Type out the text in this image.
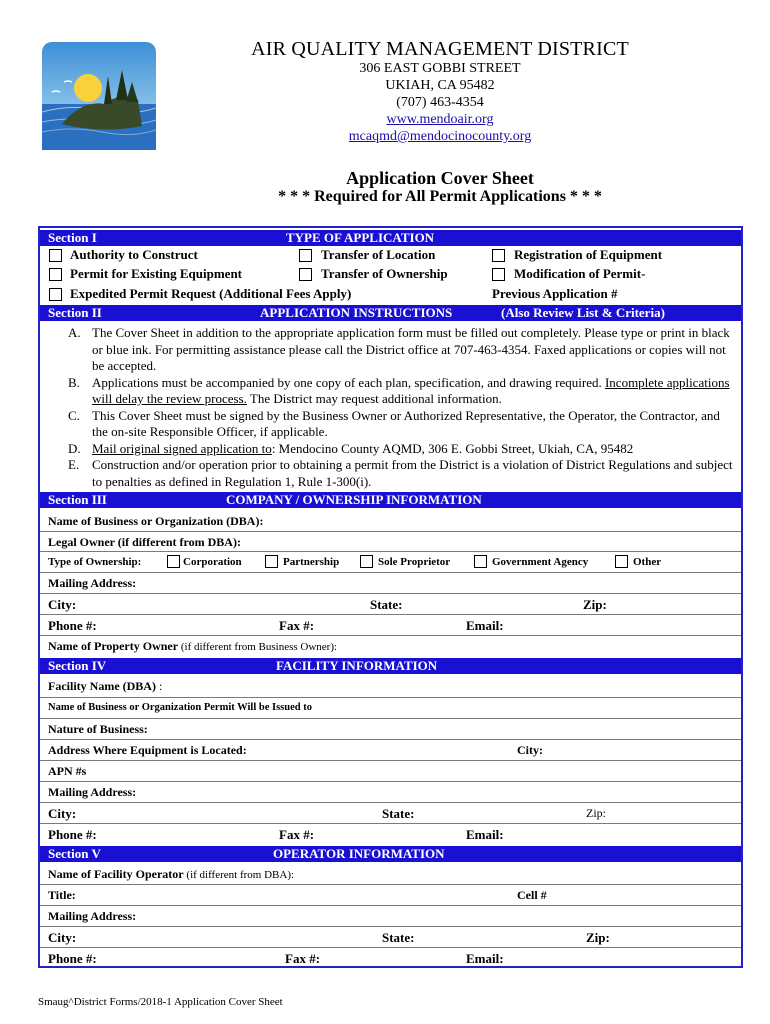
AIR QUALITY MANAGEMENT DISTRICT
306 EAST GOBBI STREET
UKIAH, CA 95482
(707) 463-4354
www.mendoair.org
mcaqmd@mendocinocounty.org
Application Cover Sheet
* * * Required for All Permit Applications * * *
Section I	TYPE OF APPLICATION
Authority to Construct	Transfer of Location	Registration of Equipment
Permit for Existing Equipment	Transfer of Ownership	Modification of Permit-
Expedited Permit Request (Additional Fees Apply)	Previous Application #
Section II	APPLICATION INSTRUCTIONS	(Also Review List & Criteria)
A. The Cover Sheet in addition to the appropriate application form must be filled out completely. Please type or print in black or blue ink. For permitting assistance please call the District office at 707-463-4354. Faxed applications or copies will not be accepted.
B. Applications must be accompanied by one copy of each plan, specification, and drawing required. Incomplete applications will delay the review process. The District may request additional information.
C. This Cover Sheet must be signed by the Business Owner or Authorized Representative, the Operator, the Contractor, and the on-site Responsible Officer, if applicable.
D. Mail original signed application to: Mendocino County AQMD, 306 E. Gobbi Street, Ukiah, CA, 95482
E. Construction and/or operation prior to obtaining a permit from the District is a violation of District Regulations and subject to penalties as defined in Regulation 1, Rule 1-300(i).
Section III	COMPANY / OWNERSHIP INFORMATION
Name of Business or Organization (DBA):
Legal Owner (if different from DBA):
Type of Ownership:	Corporation	Partnership	Sole Proprietor	Government Agency	Other
Mailing Address:
City:	State:	Zip:
Phone #:	Fax #:	Email:
Name of Property Owner (if different from Business Owner):
Section IV	FACILITY INFORMATION
Facility Name (DBA) :
Name of Business or Organization Permit Will be Issued to
Nature of Business:
Address Where Equipment is Located:	City:
APN #s
Mailing Address:
City:	State:	Zip:
Phone #:	Fax #:	Email:
Section V	OPERATOR INFORMATION
Name of Facility Operator (if different from DBA):
Title:	Cell #
Mailing Address:
City:	State:	Zip:
Phone #:	Fax #:	Email:
Smaug^District Forms/2018-1 Application Cover Sheet
